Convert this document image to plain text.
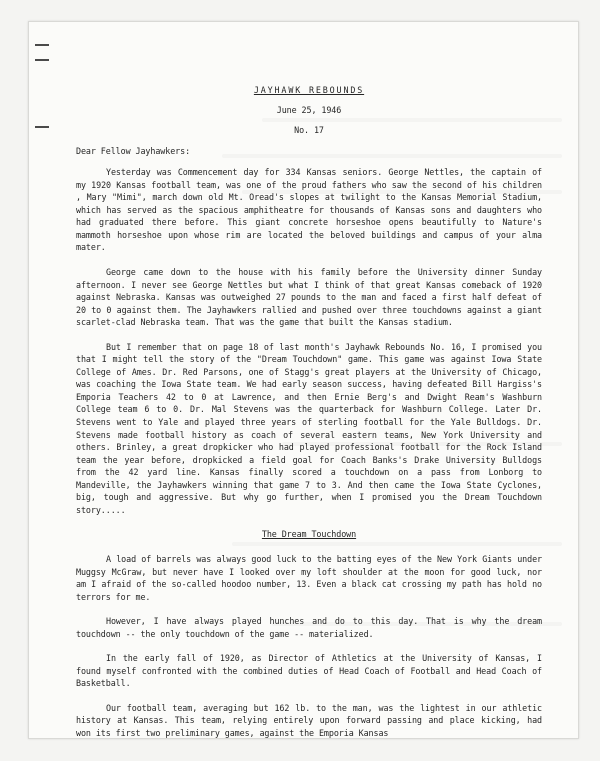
JAYHAWK REBOUNDS
June 25, 1946
No. 17
Dear Fellow Jayhawkers:

Yesterday was Commencement day for 334 Kansas seniors. George Nettles, the captain of my 1920 Kansas football team, was one of the proud fathers who saw the second of his children , Mary "Mimi", march down old Mt. Oread's slopes at twilight to the Kansas Memorial Stadium, which has served as the spacious amphitheatre for thousands of Kansas sons and daughters who had graduated there before. This giant concrete horseshoe opens beautifully to Nature's mammoth horseshoe upon whose rim are located the beloved buildings and campus of your alma mater.

George came down to the house with his family before the University dinner Sunday afternoon. I never see George Nettles but what I think of that great Kansas comeback of 1920 against Nebraska. Kansas was outweighed 27 pounds to the man and faced a first half defeat of 20 to 0 against them. The Jayhawkers rallied and pushed over three touchdowns against a giant scarlet-clad Nebraska team. That was the game that built the Kansas stadium.

But I remember that on page 18 of last month's Jayhawk Rebounds No. 16, I promised you that I might tell the story of the "Dream Touchdown" game. This game was against Iowa State College of Ames. Dr. Red Parsons, one of Stagg's great players at the University of Chicago, was coaching the Iowa State team. We had early season success, having defeated Bill Hargiss's Emporia Teachers 42 to 0 at Lawrence, and then Ernie Berg's and Dwight Ream's Washburn College team 6 to 0. Dr. Mal Stevens was the quarterback for Washburn College. Later Dr. Stevens went to Yale and played three years of sterling football for the Yale Bulldogs. Dr. Stevens made football history as coach of several eastern teams, New York University and others. Brinley, a great dropkicker who had played professional football for the Rock Island team the year before, dropkicked a field goal for Coach Banks's Drake University Bulldogs from the 42 yard line. Kansas finally scored a touchdown on a pass from Lonborg to Mandeville, the Jayhawkers winning that game 7 to 3. And then came the Iowa State Cyclones, big, tough and aggressive. But why go further, when I promised you the Dream Touchdown story.....

The Dream Touchdown

A load of barrels was always good luck to the batting eyes of the New York Giants under Muggsy McGraw, but never have I looked over my loft shoulder at the moon for good luck, nor am I afraid of the so-called hoodoo number, 13. Even a black cat crossing my path has hold no terrors for me.

However, I have always played hunches and do to this day. That is why the dream touchdown -- the only touchdown of the game -- materialized.

In the early fall of 1920, as Director of Athletics at the University of Kansas, I found myself confronted with the combined duties of Head Coach of Football and Head Coach of Basketball.

Our football team, averaging but 162 lb. to the man, was the lightest in our athletic history at Kansas. This team, relying entirely upon forward passing and place kicking, had won its first two preliminary games, against the Emporia Kansas
